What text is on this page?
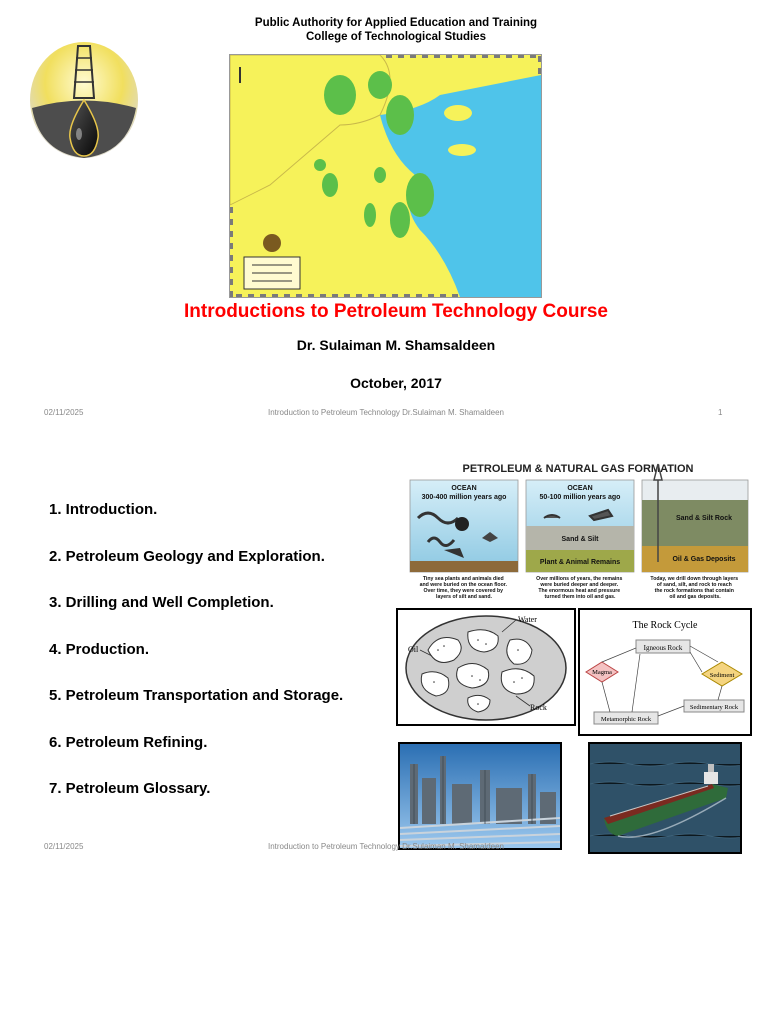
Public Authority for Applied Education and Training
College of Technological Studies
Introductions to Petroleum Technology Course
Dr. Sulaiman M. Shamsaldeen
October, 2017
02/11/2025	Introduction to Petroleum Technology Dr.Sulaiman M. Shamaldeen	1
1. Introduction.
2. Petroleum Geology and Exploration.
3. Drilling and Well Completion.
4. Production.
5. Petroleum Transportation and Storage.
6. Petroleum Refining.
7. Petroleum Glossary.
PETROLEUM & NATURAL GAS FORMATION
OCEAN
300-400 million years ago
OCEAN
50-100 million years ago
Sand & Silt
Plant & Animal Remains
Sand & Silt Rock
Oil & Gas Deposits
Tiny sea plants and animals died and were buried on the ocean floor. Over time, they were covered by layers of silt and sand.
Over millions of years, the remains were buried deeper and deeper. The enormous heat and pressure turned them into oil and gas.
Today, we drill down through layers of sand, silt, and rock to reach the rock formations that contain oil and gas deposits.
Water
Oil
Rock
The Rock Cycle
Igneous Rock
Magma	Sediment
Sedimentary Rock
Metamorphic Rock
02/11/2025	Introduction to Petroleum Technology Dr.Sulaiman M. Shamaldeen
